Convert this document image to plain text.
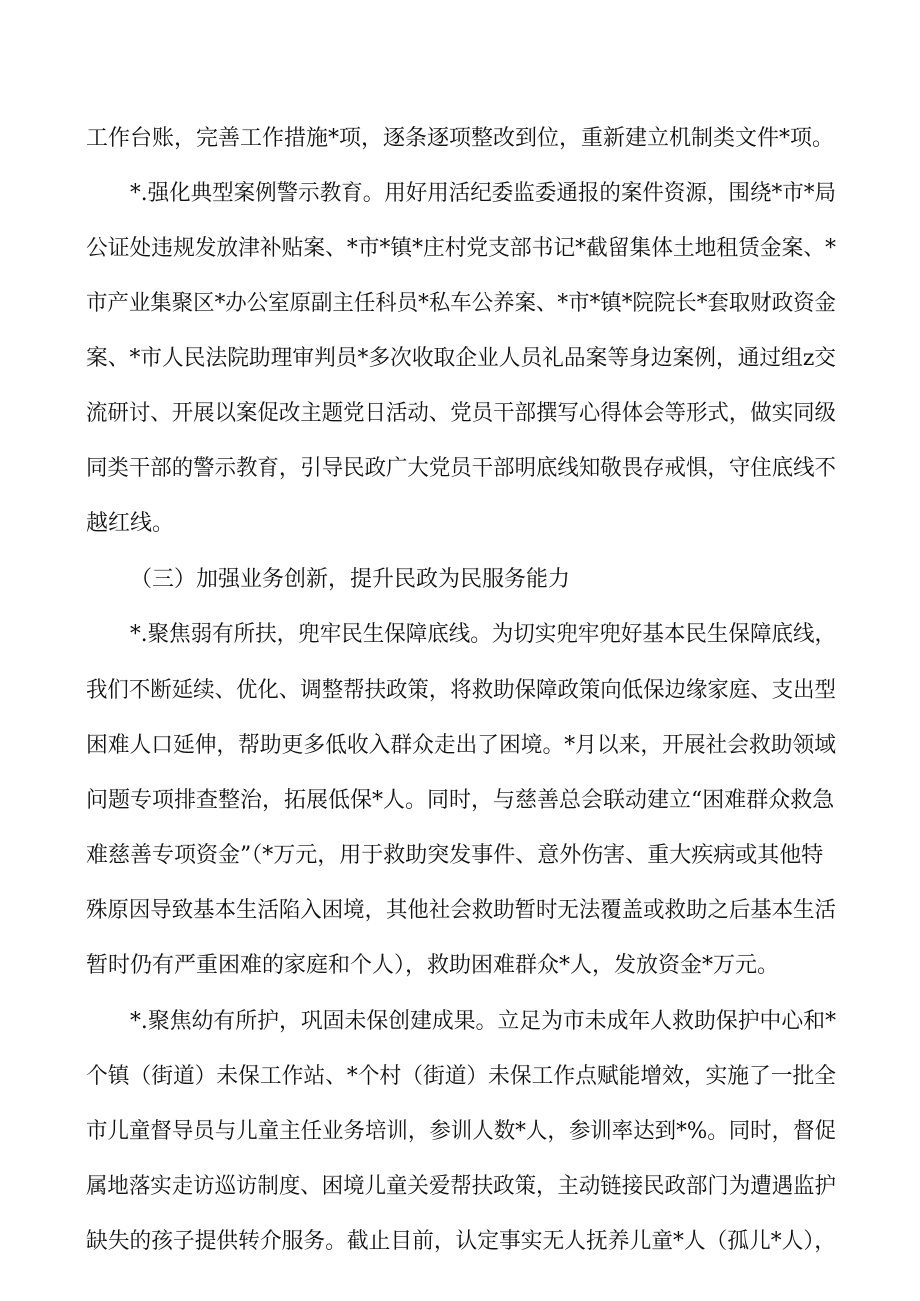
工作台账，完善工作措施*项，逐条逐项整改到位，重新建立机制类文件*项。
*.强化典型案例警示教育。用好用活纪委监委通报的案件资源，围绕*市*局
公证处违规发放津补贴案、*市*镇*庄村党支部书记*截留集体土地租赁金案、*
市产业集聚区*办公室原副主任科员*私车公养案、*市*镇*院院长*套取财政资金
案、*市人民法院助理审判员*多次收取企业人员礼品案等身边案例，通过组z交
流研讨、开展以案促改主题党日活动、党员干部撰写心得体会等形式，做实同级
同类干部的警示教育，引导民政广大党员干部明底线知敬畏存戒惧，守住底线不
越红线。
（三）加强业务创新，提升民政为民服务能力
*.聚焦弱有所扶，兜牢民生保障底线。为切实兜牢兜好基本民生保障底线，
我们不断延续、优化、调整帮扶政策，将救助保障政策向低保边缘家庭、支出型
困难人口延伸，帮助更多低收入群众走出了困境。*月以来，开展社会救助领域
问题专项排查整治，拓展低保*人。同时，与慈善总会联动建立“困难群众救急
难慈善专项资金”（*万元，用于救助突发事件、意外伤害、重大疾病或其他特
殊原因导致基本生活陷入困境，其他社会救助暂时无法覆盖或救助之后基本生活
暂时仍有严重困难的家庭和个人），救助困难群众*人，发放资金*万元。
*.聚焦幼有所护，巩固未保创建成果。立足为市未成年人救助保护中心和*
个镇（街道）未保工作站、*个村（街道）未保工作点赋能增效，实施了一批全
市儿童督导员与儿童主任业务培训，参训人数*人，参训率达到*%。同时，督促
属地落实走访巡访制度、困境儿童关爱帮扶政策，主动链接民政部门为遭遇监护
缺失的孩子提供转介服务。截止目前，认定事实无人抚养儿童*人（孤儿*人），
